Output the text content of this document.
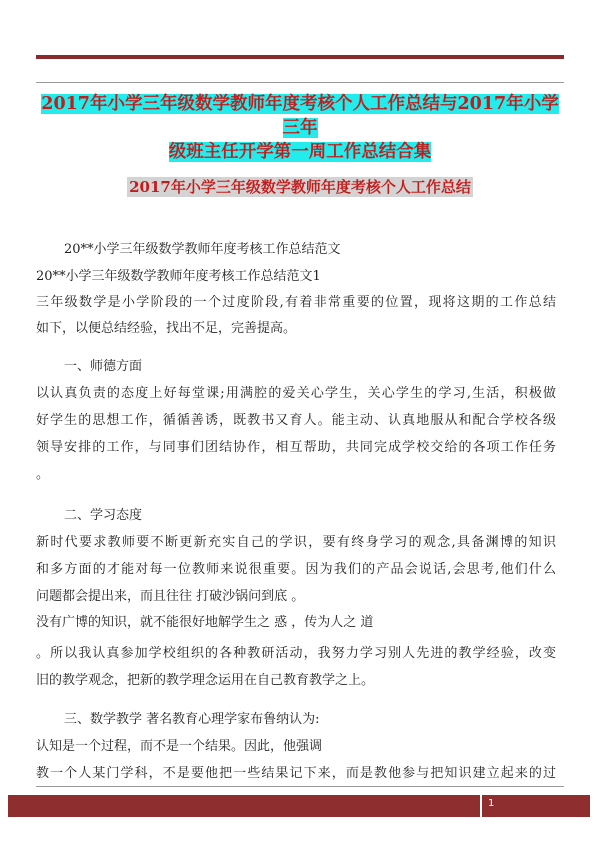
2017年小学三年级数学教师年度考核个人工作总结与2017年小学三年
级班主任开学第一周工作总结合集
2017年小学三年级数学教师年度考核个人工作总结
20**小学三年级数学教师年度考核工作总结范文
20**小学三年级数学教师年度考核工作总结范文1
三年级数学是小学阶段的一个过度阶段,有着非常重要的位置，现将这期的工作总结
如下，以便总结经验，找出不足，完善提高。
一、师德方面
以认真负责的态度上好每堂课;用满腔的爱关心学生，关心学生的学习,生活，积极做
好学生的思想工作，循循善诱，既教书又育人。能主动、认真地服从和配合学校各级
领导安排的工作，与同事们团结协作，相互帮助，共同完成学校交给的各项工作任务
。
二、学习态度
新时代要求教师要不断更新充实自己的学识，要有终身学习的观念,具备渊博的知识
和多方面的才能对每一位教师来说很重要。因为我们的产品会说话,会思考,他们什么
问题都会提出来，而且往往 打破沙锅问到底 。
没有广博的知识，就不能很好地解学生之 惑 ，传为人之 道
。所以我认真参加学校组织的各种教研活动，我努力学习别人先进的教学经验，改变
旧的教学观念，把新的教学理念运用在自己教育教学之上。
三、数学教学 著名教育心理学家布鲁纳认为:
认知是一个过程，而不是一个结果。因此，他强调
教一个人某门学科，不是要他把一些结果记下来，而是教他参与把知识建立起来的过
1
